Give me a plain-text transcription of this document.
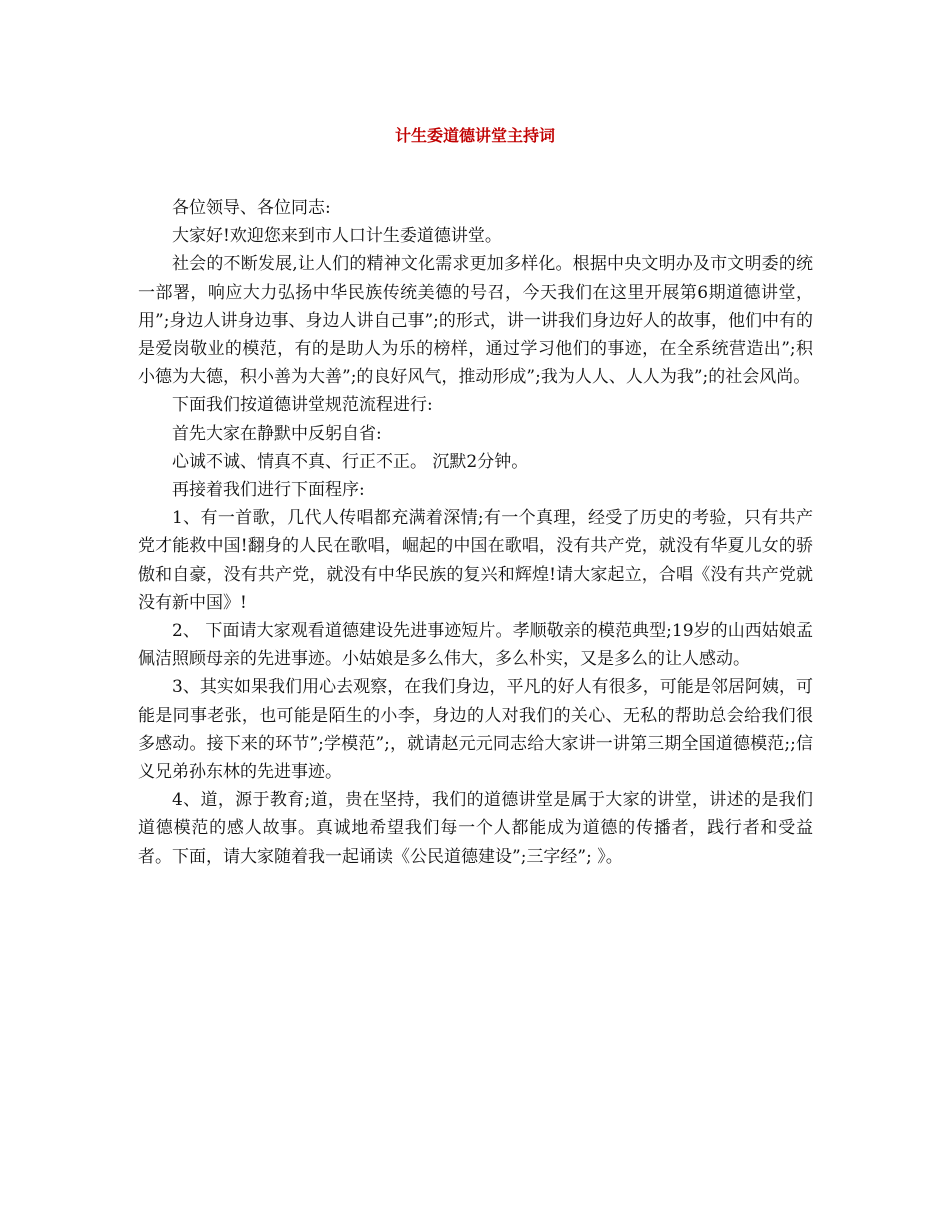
计生委道德讲堂主持词

各位领导、各位同志:

大家好!欢迎您来到市人口计生委道德讲堂。

社会的不断发展,让人们的精神文化需求更加多样化。根据中央文明办及市文明委的统一部署，响应大力弘扬中华民族传统美德的号召，今天我们在这里开展第6期道德讲堂，用”;身边人讲身边事、身边人讲自己事”;的形式，讲一讲我们身边好人的故事，他们中有的是爱岗敬业的模范，有的是助人为乐的榜样，通过学习他们的事迹，在全系统营造出”;积小德为大德，积小善为大善”;的良好风气，推动形成”;我为人人、人人为我”;的社会风尚。

下面我们按道德讲堂规范流程进行:

首先大家在静默中反躬自省:

心诚不诚、情真不真、行正不正。 沉默2分钟。

再接着我们进行下面程序:

1、有一首歌，几代人传唱都充满着深情;有一个真理，经受了历史的考验，只有共产党才能救中国!翻身的人民在歌唱，崛起的中国在歌唱，没有共产党，就没有华夏儿女的骄傲和自豪，没有共产党，就没有中华民族的复兴和辉煌!请大家起立，合唱《没有共产党就没有新中国》!

2、 下面请大家观看道德建设先进事迹短片。孝顺敬亲的模范典型;19岁的山西姑娘孟佩洁照顾母亲的先进事迹。小姑娘是多么伟大，多么朴实，又是多么的让人感动。

3、其实如果我们用心去观察，在我们身边，平凡的好人有很多，可能是邻居阿姨，可能是同事老张，也可能是陌生的小李，身边的人对我们的关心、无私的帮助总会给我们很多感动。接下来的环节”;学模范”;，就请赵元元同志给大家讲一讲第三期全国道德模范;;信义兄弟孙东林的先进事迹。

4、道，源于教育;道，贵在坚持，我们的道德讲堂是属于大家的讲堂，讲述的是我们道德模范的感人故事。真诚地希望我们每一个人都能成为道德的传播者，践行者和受益者。下面，请大家随着我一起诵读《公民道德建设”;三字经”; 》。
